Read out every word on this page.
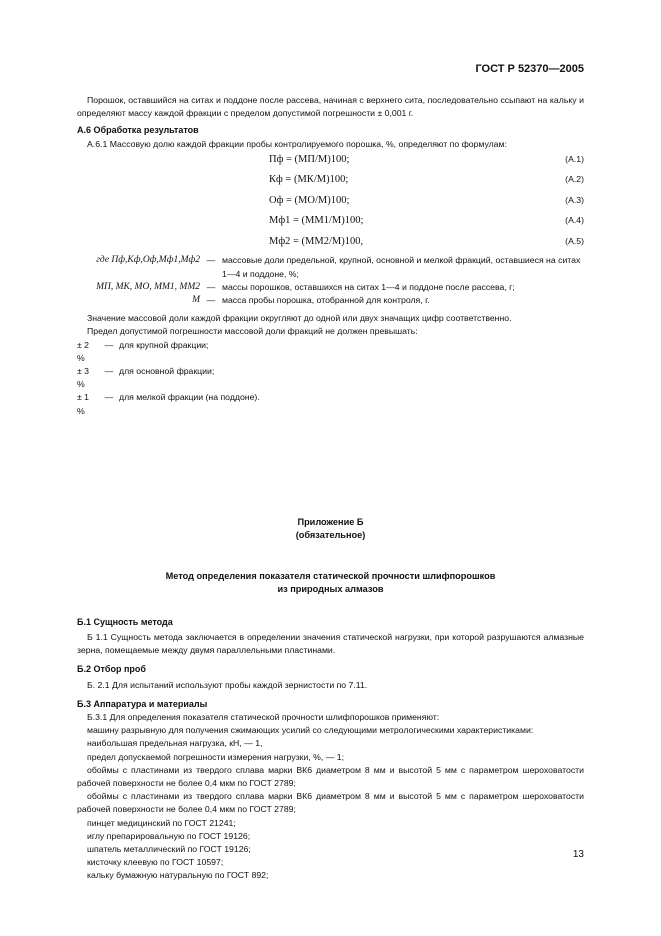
ГОСТ Р 52370—2005

Порошок, оставшийся на ситах и поддоне после рассева, начиная с верхнего сита, последовательно ссыпают на кальку и определяют массу каждой фракции с пределом допустимой погрешности ± 0,001 г.

А.6 Обработка результатов

А.6.1 Массовую долю каждой фракции пробы контролируемого порошка, %, определяют по формулам:

Пф = (MП/M)100;	(А.1)
Кф = (MК/M)100;	(А.2)
Оф = (MО/M)100;	(А.3)
Мф1 = (MМ1/M)100;	(А.4)
Мф2 = (MМ2/M)100,	(А.5)
где Пф,Кф,Оф,Мф1,Мф2 — массовые доли предельной, крупной, основной и мелкой фракций, оставшиеся на ситах 1—4 и поддоне, %;
MП, MК, MО, MМ1, MМ2 — массы порошков, оставшихся на ситах 1—4 и поддоне после рассева, г;
M — масса пробы порошка, отобранной для контроля, г.

Значение массовой доли каждой фракции округляют до одной или двух значащих цифр соответственно.

Предел допустимой погрешности массовой доли фракций не должен превышать:

± 2 %
— для крупной фракции;
± 3 %
— для основной фракции;
± 1 %
— для мелкой фракции (на поддоне).

Приложение Б

(обязательное)

Метод определения показателя статической прочности шлифпорошков

из природных алмазов

Б.1 Сущность метода

Б 1.1 Сущность метода заключается в определении значения статической нагрузки, при которой разрушаются алмазные зерна, помещаемые между двумя параллельными пластинами.

Б.2 Отбор проб

Б. 2.1 Для испытаний используют пробы каждой зернистости по 7.11.

Б.3 Аппаратура и материалы

Б.3.1 Для определения показателя статической прочности шлифпорошков применяют:

машину разрывную для получения сжимающих усилий со следующими метрологическими характеристиками:

наибольшая предельная нагрузка, кН, — 1,

предел допускаемой погрешности измерения нагрузки, %, — 1;

обоймы с пластинами из твердого сплава марки ВК6 диаметром 8 мм и высотой 5 мм с параметром шероховатости рабочей поверхности не более 0,4 мкм по ГОСТ 2789;

обоймы с пластинами из твердого сплава марки ВК6 диаметром 8 мм и высотой 5 мм с параметром шероховатости рабочей поверхности не более 0,4 мкм по ГОСТ 2789;

пинцет медицинский по ГОСТ 21241;

иглу препарировальную по ГОСТ 19126;

шпатель металлический по ГОСТ 19126;

кисточку клеевую по ГОСТ 10597;

кальку бумажную натуральную по ГОСТ 892;

13
